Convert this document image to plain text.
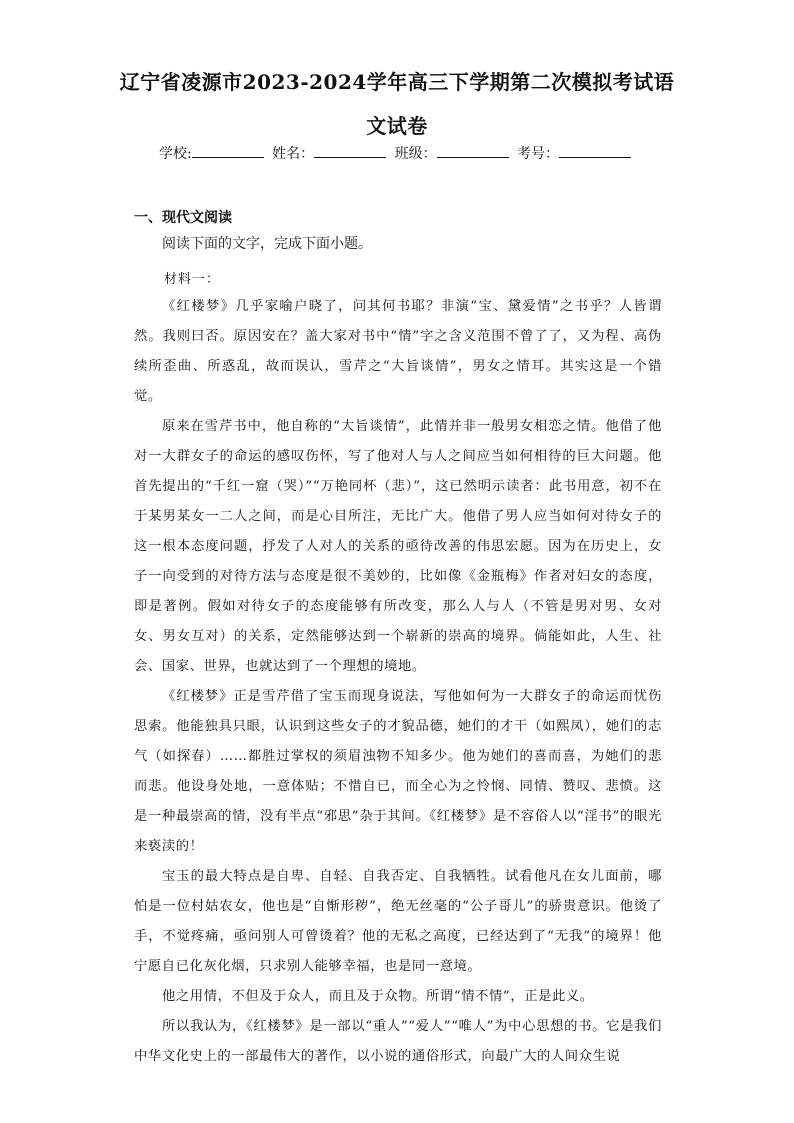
辽宁省凌源市2023-2024学年高三下学期第二次模拟考试语
文试卷
学校:	姓名：	班级：	考号：
一、现代文阅读
阅读下面的文字，完成下面小题。
材料一：

《红楼梦》几乎家喻户晓了，问其何书耶？非演“宝、黛爱情”之书乎？人皆谓然。我则曰否。原因安在？盖大家对书中“情”字之含义范围不曾了了，又为程、高伪续所歪曲、所惑乱，故而误认，雪芹之“大旨谈情”，男女之情耳。其实这是一个错觉。

原来在雪芹书中，他自称的“大旨谈情”，此情并非一般男女相恋之情。他借了他对一大群女子的命运的感叹伤怀，写了他对人与人之间应当如何相待的巨大问题。他首先提出的“千红一窟（哭）”“万艳同杯（悲）”，这已然明示读者：此书用意，初不在于某男某女一二人之间，而是心目所注，无比广大。他借了男人应当如何对待女子的这一根本态度问题，抒发了人对人的关系的亟待改善的伟思宏愿。因为在历史上，女子一向受到的对待方法与态度是很不美妙的，比如像《金瓶梅》作者对妇女的态度，即是著例。假如对待女子的态度能够有所改变，那么人与人（不管是男对男、女对女、男女互对）的关系，定然能够达到一个崭新的崇高的境界。倘能如此，人生、社会、国家、世界，也就达到了一个理想的境地。

《红楼梦》正是雪芹借了宝玉而现身说法，写他如何为一大群女子的命运而忧伤思索。他能独具只眼，认识到这些女子的才貌品德，她们的才干（如熙凤），她们的志气（如探春）……都胜过掌权的须眉浊物不知多少。他为她们的喜而喜，为她们的悲而悲。他设身处地，一意体贴；不惜自已，而全心为之怜悯、同情、赞叹、悲愤。这是一种最崇高的情，没有半点“邪思”杂于其间。《红楼梦》是不容俗人以“淫书”的眼光来亵渎的！

宝玉的最大特点是自卑、自轻、自我否定、自我牺牲。试看他凡在女儿面前，哪怕是一位村姑农女，他也是“自惭形秽”，绝无丝毫的“公子哥儿”的骄贵意识。他烫了手，不觉疼痛，亟问别人可曾烫着？他的无私之高度，已经达到了“无我”的境界！他宁愿自已化灰化烟，只求别人能够幸福，也是同一意境。

他之用情，不但及于众人，而且及于众物。所谓“情不情”，正是此义。

所以我认为，《红楼梦》是一部以“重人”“爱人”“唯人”为中心思想的书。它是我们中华文化史上的一部最伟大的著作，以小说的通俗形式，向最广大的人间众生说
